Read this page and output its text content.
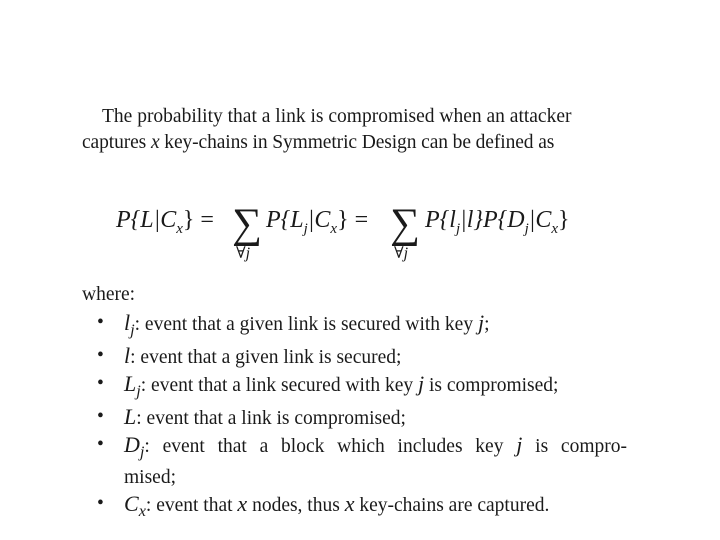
The probability that a link is compromised when an attacker

captures x key-chains in Symmetric Design can be defined as

$P\{L|C_x\}$ = ∑
∀j
$P\{L_j|C_x\}$ = ∑
∀j
$P\{l_j|l\}P\{D_j|C_x\}$
where:
• $l_j$: event that a given link is secured with key j;
• l: event that a given link is secured;
• $L_j$: event that a link secured with key j is compromised;
• L: event that a link is compromised;
• $D_j$: event that a block which includes key j is compro-
mised;
• $C_x$: event that x nodes, thus x key-chains are captured.
